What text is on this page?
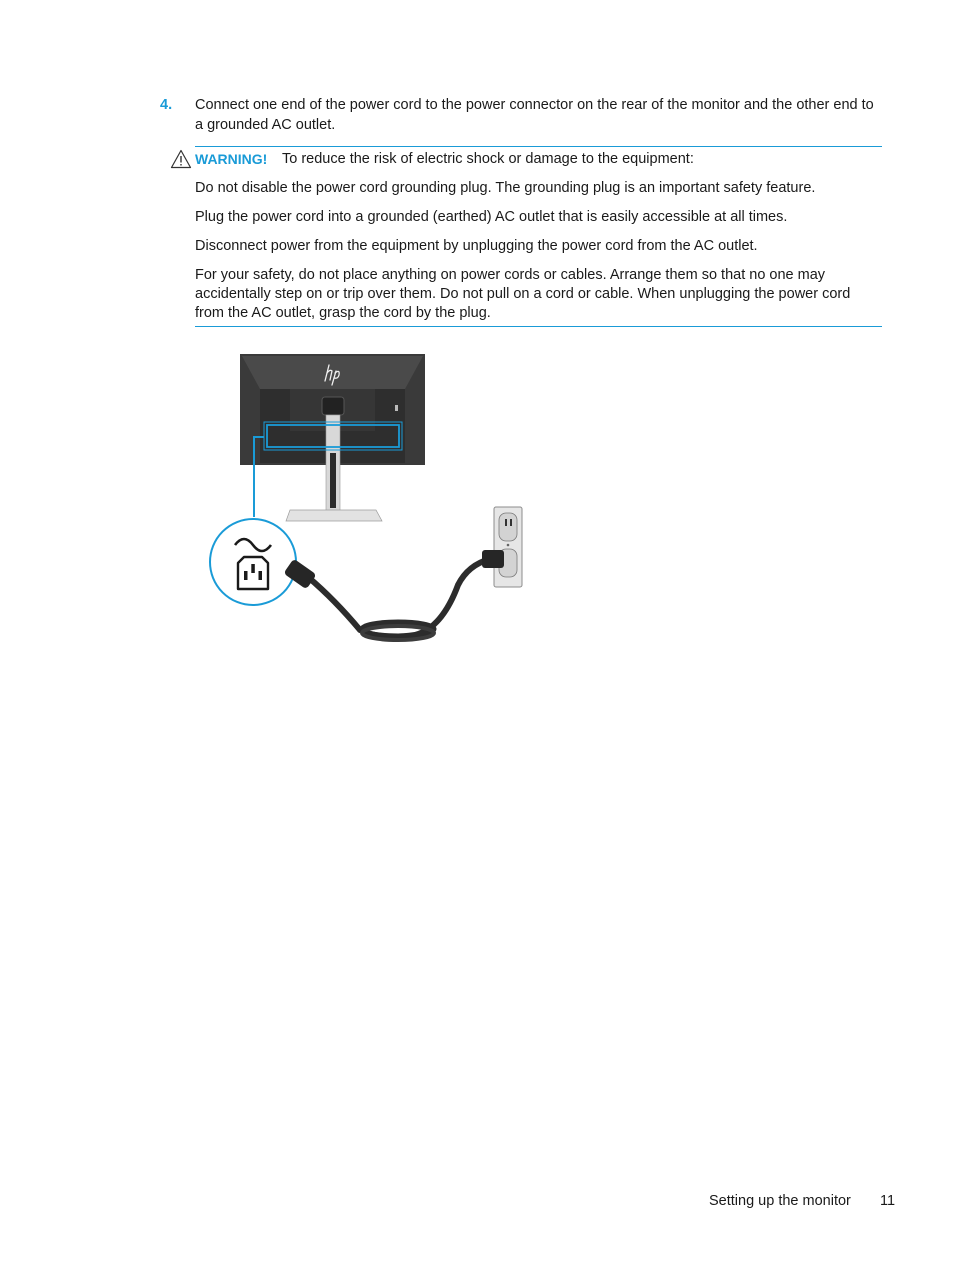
4. Connect one end of the power cord to the power connector on the rear of the monitor and the other end to a grounded AC outlet.
WARNING! To reduce the risk of electric shock or damage to the equipment:
Do not disable the power cord grounding plug. The grounding plug is an important safety feature.
Plug the power cord into a grounded (earthed) AC outlet that is easily accessible at all times.
Disconnect power from the equipment by unplugging the power cord from the AC outlet.
For your safety, do not place anything on power cords or cables. Arrange them so that no one may accidentally step on or trip over them. Do not pull on a cord or cable. When unplugging the power cord from the AC outlet, grasp the cord by the plug.
Setting up the monitor 11
